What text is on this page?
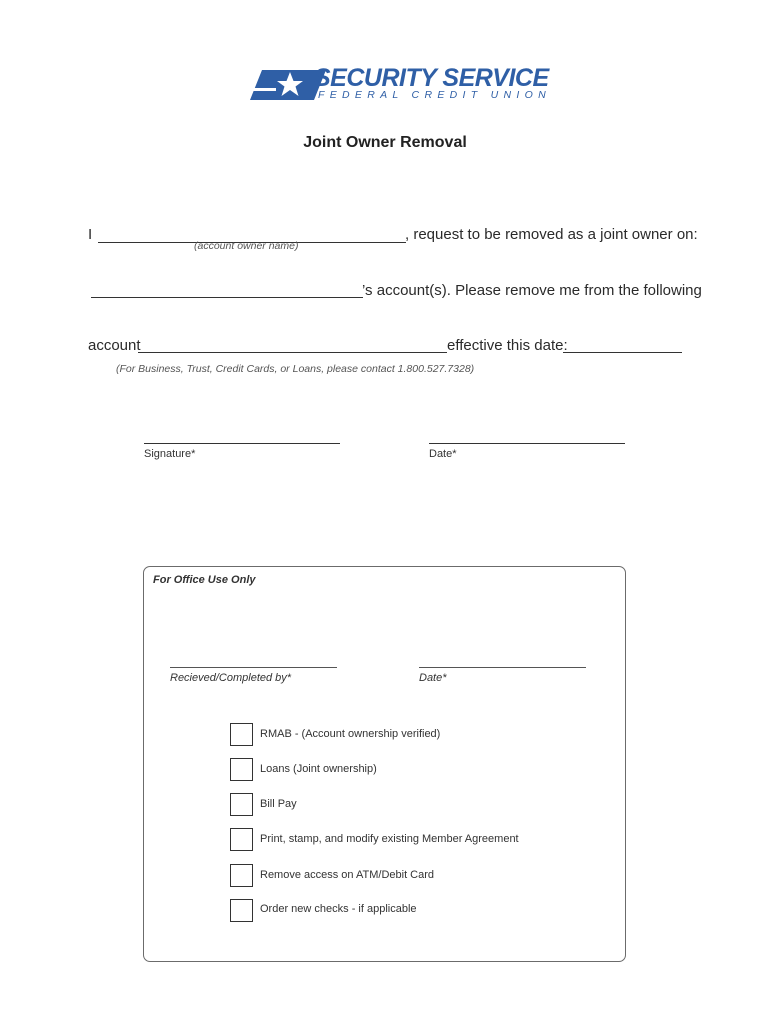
SECURITY SERVICE
FEDERAL CREDIT UNION
Joint Owner Removal
I	, request to be removed as a joint owner on:
(account owner name)
’s account(s). Please remove me from the following
account	effective this date:
(For Business, Trust, Credit Cards, or Loans, please contact 1.800.527.7328)
Signature*	Date*
For Office Use Only
Recieved/Completed by*	Date*
RMAB - (Account ownership verified)
Loans (Joint ownership)
Bill Pay
Print, stamp, and modify existing Member Agreement
Remove access on ATM/Debit Card
Order new checks - if applicable
